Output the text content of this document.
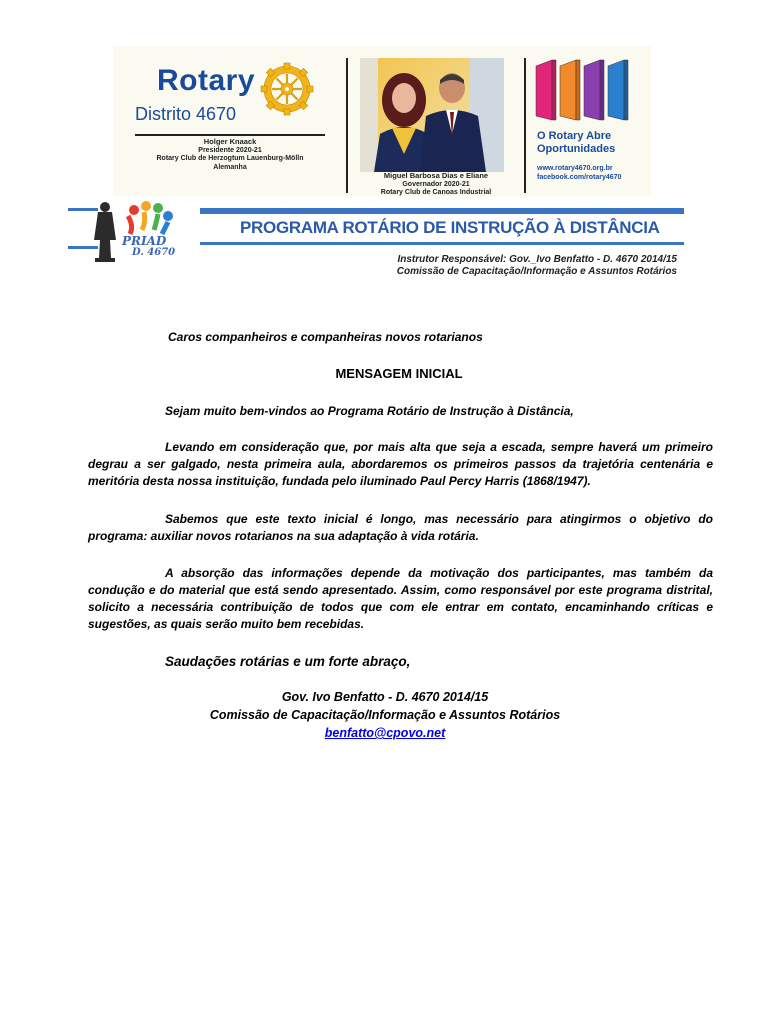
Rotary
Distrito 4670
Holger Knaack
Presidente 2020-21
Rotary Club de Herzogtum Lauenburg-Mölln
Alemanha
Miguel Barbosa Dias e Eliane
Governador 2020-21
Rotary Club de Canoas Industrial
O Rotary Abre
Oportunidades
www.rotary4670.org.br
facebook.com/rotary4670
PRIAD
D. 4670
PROGRAMA ROTÁRIO DE INSTRUÇÃO À DISTÂNCIA
Instrutor Responsável: Gov._Ivo Benfatto - D. 4670 2014/15
Comissão de Capacitação/Informação e Assuntos Rotários
Caros companheiros e companheiras novos rotarianos
MENSAGEM INICIAL
Sejam muito bem-vindos ao Programa Rotário de Instrução à Distância,
Levando em consideração que, por mais alta que seja a escada, sempre haverá um primeiro degrau a ser galgado, nesta primeira aula, abordaremos os primeiros passos da trajetória centenária e meritória desta nossa instituição, fundada pelo iluminado Paul Percy Harris (1868/1947).
Sabemos que este texto inicial é longo, mas necessário para atingirmos o objetivo do programa: auxiliar novos rotarianos na sua adaptação à vida rotária.
A absorção das informações depende da motivação dos participantes, mas também da condução e do material que está sendo apresentado. Assim, como responsável por este programa distrital, solicito a necessária contribuição de todos que com ele entrar em contato, encaminhando críticas e sugestões, as quais serão muito bem recebidas.
Saudações rotárias e um forte abraço,
Gov. Ivo Benfatto - D. 4670 2014/15
Comissão de Capacitação/Informação e Assuntos Rotários
benfatto@cpovo.net
